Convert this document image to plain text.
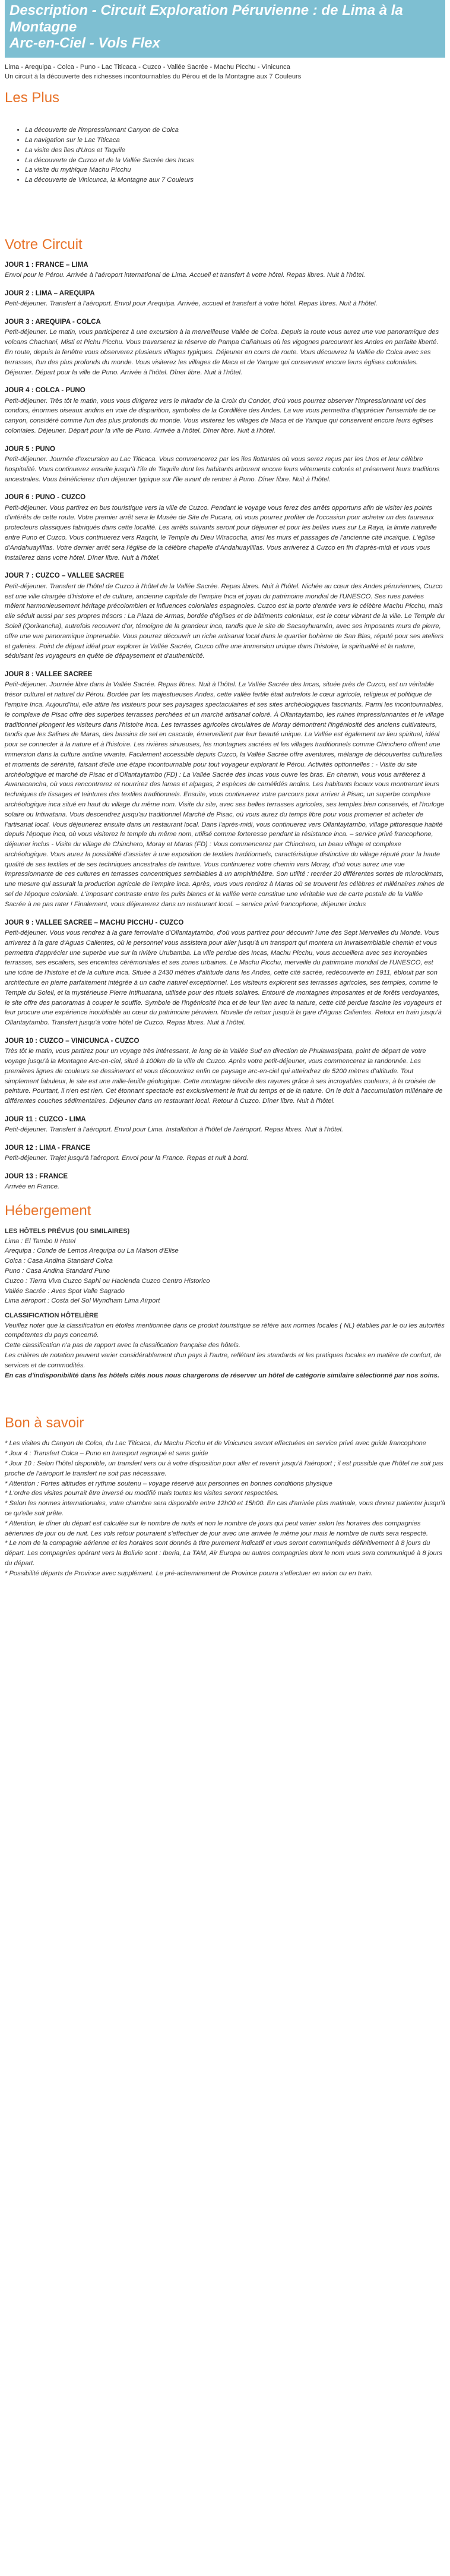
Description - Circuit Exploration Péruvienne : de Lima à la Montagne
Arc-en-Ciel - Vols Flex

Lima - Arequipa - Colca - Puno - Lac Titicaca - Cuzco - Vallée Sacrée - Machu Picchu - Vinicunca

Un circuit à la découverte des richesses incontournables du Pérou et de la Montagne aux 7 Couleurs

Les Plus
• La découverte de l'impressionnant Canyon de Colca
• La navigation sur le Lac Titicaca
• La visite des îles d'Uros et Taquile
• La découverte de Cuzco et de la Vallée Sacrée des Incas
• La visite du mythique Machu Picchu
• La découverte de Vinicunca, la Montagne aux 7 Couleurs
Votre Circuit
JOUR 1 : FRANCE – LIMA

Envol pour le Pérou. Arrivée à l'aéroport international de Lima. Accueil et transfert à votre hôtel. Repas libres. Nuit à l'hôtel.

JOUR 2 : LIMA – AREQUIPA

Petit-déjeuner. Transfert à l'aéroport. Envol pour Arequipa. Arrivée, accueil et transfert à votre hôtel. Repas libres. Nuit à l'hôtel.

JOUR 3 : AREQUIPA - COLCA

Petit-déjeuner. Le matin, vous participerez à une excursion à la merveilleuse Vallée de Colca. Depuis la route vous aurez une vue panoramique des volcans Chachani, Misti et Pichu Picchu. Vous traverserez la réserve de Pampa Cañahuas où les vigognes parcourent les Andes en parfaite liberté. En route, depuis la fenêtre vous observerez plusieurs villages typiques. Déjeuner en cours de route. Vous découvrez la Vallée de Colca avec ses terrasses, l'un des plus profonds du monde. Vous visiterez les villages de Maca et de Yanque qui conservent encore leurs églises coloniales. Déjeuner. Départ pour la ville de Puno. Arrivée à l'hôtel. Dîner libre. Nuit à l'hôtel.

JOUR 4 : COLCA - PUNO

Petit-déjeuner. Très tôt le matin, vous vous dirigerez vers le mirador de la Croix du Condor, d'où vous pourrez observer l'impressionnant vol des condors, énormes oiseaux andins en voie de disparition, symboles de la Cordillère des Andes. La vue vous permettra d'apprécier l'ensemble de ce canyon, considéré comme l'un des plus profonds du monde. Vous visiterez les villages de Maca et de Yanque qui conservent encore leurs églises coloniales. Déjeuner. Départ pour la ville de Puno. Arrivée à l'hôtel. Dîner libre. Nuit à l'hôtel.

JOUR 5 : PUNO

Petit-déjeuner. Journée d'excursion au Lac Titicaca. Vous commencerez par les îles flottantes où vous serez reçus par les Uros et leur célèbre hospitalité. Vous continuerez ensuite jusqu'à l'île de Taquile dont les habitants arborent encore leurs vêtements colorés et préservent leurs traditions ancestrales. Vous bénéficierez d'un déjeuner typique sur l'île avant de rentrer à Puno. Dîner libre. Nuit à l'hôtel.

JOUR 6 : PUNO - CUZCO

Petit-déjeuner. Vous partirez en bus touristique vers la ville de Cuzco. Pendant le voyage vous ferez des arrêts opportuns afin de visiter les points d'intérêts de cette route. Votre premier arrêt sera le Musée de Site de Pucara, où vous pourrez profiter de l'occasion pour acheter un des taureaux protecteurs classiques fabriqués dans cette localité. Les arrêts suivants seront pour déjeuner et pour les belles vues sur La Raya, la limite naturelle entre Puno et Cuzco. Vous continuerez vers Raqchi, le Temple du Dieu Wiracocha, ainsi les murs et passages de l'ancienne cité incaïque. L'église d'Andahuaylillas. Votre dernier arrêt sera l'église de la célèbre chapelle d'Andahuaylillas. Vous arriverez à Cuzco en fin d'après-midi et vous vous installerez dans votre hôtel. Dîner libre. Nuit à l'hôtel.

JOUR 7 : CUZCO – VALLEE SACREE

Petit-déjeuner. Transfert de l'hôtel de Cuzco à l'hôtel de la Vallée Sacrée. Repas libres. Nuit à l'hôtel. Nichée au cœur des Andes péruviennes, Cuzco est une ville chargée d'histoire et de culture, ancienne capitale de l'empire Inca et joyau du patrimoine mondial de l'UNESCO. Ses rues pavées mêlent harmonieusement héritage précolombien et influences coloniales espagnoles. Cuzco est la porte d'entrée vers le célèbre Machu Picchu, mais elle séduit aussi par ses propres trésors : La Plaza de Armas, bordée d'églises et de bâtiments coloniaux, est le cœur vibrant de la ville. Le Temple du Soleil (Qorikancha), autrefois recouvert d'or, témoigne de la grandeur inca, tandis que le site de Sacsayhuamán, avec ses imposants murs de pierre, offre une vue panoramique imprenable. Vous pourrez découvrir un riche artisanat local dans le quartier bohème de San Blas, réputé pour ses ateliers et galeries. Point de départ idéal pour explorer la Vallée Sacrée, Cuzco offre une immersion unique dans l'histoire, la spiritualité et la nature, séduisant les voyageurs en quête de dépaysement et d'authenticité.

JOUR 8 : VALLEE SACREE

Petit-déjeuner. Journée libre dans la Vallée Sacrée. Repas libres. Nuit à l'hôtel. La Vallée Sacrée des Incas, située près de Cuzco, est un véritable trésor culturel et naturel du Pérou. Bordée par les majestueuses Andes, cette vallée fertile était autrefois le cœur agricole, religieux et politique de l'empire Inca. Aujourd'hui, elle attire les visiteurs pour ses paysages spectaculaires et ses sites archéologiques fascinants. Parmi les incontournables, le complexe de Pisac offre des superbes terrasses perchées et un marché artisanal coloré. À Ollantaytambo, les ruines impressionnantes et le village traditionnel plongent les visiteurs dans l'histoire inca. Les terrasses agricoles circulaires de Moray démontrent l'ingéniosité des anciens cultivateurs, tandis que les Salines de Maras, des bassins de sel en cascade, émerveillent par leur beauté unique. La Vallée est également un lieu spirituel, idéal pour se connecter à la nature et à l'histoire. Les rivières sinueuses, les montagnes sacrées et les villages traditionnels comme Chinchero offrent une immersion dans la culture andine vivante. Facilement accessible depuis Cuzco, la Vallée Sacrée offre aventures, mélange de découvertes culturelles et moments de sérénité, faisant d'elle une étape incontournable pour tout voyageur explorant le Pérou. Activités optionnelles : - Visite du site archéologique et marché de Pisac et d'Ollantaytambo (FD) : La Vallée Sacrée des Incas vous ouvre les bras. En chemin, vous vous arrêterez à Awanacancha, où vous rencontrerez et nourrirez des lamas et alpagas, 2 espèces de camélidés andins. Les habitants locaux vous montreront leurs techniques de tissages et teintures des textiles traditionnels. Ensuite, vous continuerez votre parcours pour arriver à Pisac, un superbe complexe archéologique inca situé en haut du village du même nom. Visite du site, avec ses belles terrasses agricoles, ses temples bien conservés, et l'horloge solaire ou Intiwatana. Vous descendrez jusqu'au traditionnel Marché de Pisac, où vous aurez du temps libre pour vous promener et acheter de l'artisanat local. Vous déjeunerez ensuite dans un restaurant local. Dans l'après-midi, vous continuerez vers Ollantaytambo, village pittoresque habité depuis l'époque inca, où vous visiterez le temple du même nom, utilisé comme forteresse pendant la résistance inca. – service privé francophone, déjeuner inclus - Visite du village de Chinchero, Moray et Maras (FD) : Vous commencerez par Chinchero, un beau village et complexe archéologique. Vous aurez la possibilité d'assister à une exposition de textiles traditionnels, caractéristique distinctive du village réputé pour la haute qualité de ses textiles et de ses techniques ancestrales de teinture. Vous continuerez votre chemin vers Moray, d'où vous aurez une vue impressionnante de ces cultures en terrasses concentriques semblables à un amphithéâtre. Son utilité : recréer 20 différentes sortes de microclimats, une mesure qui assurait la production agricole de l'empire inca. Après, vous vous rendrez à Maras où se trouvent les célèbres et millénaires mines de sel de l'époque coloniale. L'imposant contraste entre les puits blancs et la vallée verte constitue une véritable vue de carte postale de la Vallée Sacrée à ne pas rater ! Finalement, vous déjeunerez dans un restaurant local. – service privé francophone, déjeuner inclus

JOUR 9 : VALLEE SACREE – MACHU PICCHU - CUZCO

Petit-déjeuner. Vous vous rendrez à la gare ferroviaire d'Ollantaytambo, d'où vous partirez pour découvrir l'une des Sept Merveilles du Monde. Vous arriverez à la gare d'Aguas Calientes, où le personnel vous assistera pour aller jusqu'à un transport qui montera un invraisemblable chemin et vous permettra d'apprécier une superbe vue sur la rivière Urubamba. La ville perdue des Incas, Machu Picchu, vous accueillera avec ses incroyables terrasses, ses escaliers, ses enceintes cérémoniales et ses zones urbaines. Le Machu Picchu, merveille du patrimoine mondial de l'UNESCO, est une icône de l'histoire et de la culture inca. Située à 2430 mètres d'altitude dans les Andes, cette cité sacrée, redécouverte en 1911, éblouit par son architecture en pierre parfaitement intégrée à un cadre naturel exceptionnel. Les visiteurs explorent ses terrasses agricoles, ses temples, comme le Temple du Soleil, et la mystérieuse Pierre Intihuatana, utilisée pour des rituels solaires. Entouré de montagnes imposantes et de forêts verdoyantes, le site offre des panoramas à couper le souffle. Symbole de l'ingéniosité inca et de leur lien avec la nature, cette cité perdue fascine les voyageurs et leur procure une expérience inoubliable au cœur du patrimoine péruvien. Novelle de retour jusqu'à la gare d'Aguas Calientes. Retour en train jusqu'à Ollantaytambo. Transfert jusqu'à votre hôtel de Cuzco. Repas libres. Nuit à l'hôtel.

JOUR 10 : CUZCO – VINICUNCA - CUZCO

Très tôt le matin, vous partirez pour un voyage très intéressant, le long de la Vallée Sud en direction de Phulawasipata, point de départ de votre voyage jusqu'à la Montagne Arc-en-ciel, situé à 100km de la ville de Cuzco. Après votre petit-déjeuner, vous commencerez la randonnée. Les premières lignes de couleurs se dessineront et vous découvrirez enfin ce paysage arc-en-ciel qui atteindrez de 5200 mètres d'altitude. Tout simplement fabuleux, le site est une mille-feuille géologique. Cette montagne dévoile des rayures grâce à ses incroyables couleurs, à la croisée de peinture. Pourtant, il n'en est rien. Cet étonnant spectacle est exclusivement le fruit du temps et de la nature. On le doit à l'accumulation millénaire de différentes couches sédimentaires. Déjeuner dans un restaurant local. Retour à Cuzco. Dîner libre. Nuit à l'hôtel.

JOUR 11 : CUZCO - LIMA

Petit-déjeuner. Transfert à l'aéroport. Envol pour Lima. Installation à l'hôtel de l'aéroport. Repas libres. Nuit à l'hôtel.

JOUR 12 : LIMA - FRANCE

Petit-déjeuner. Trajet jusqu'à l'aéroport. Envol pour la France. Repas et nuit à bord.

JOUR 13 : FRANCE

Arrivée en France.

Hébergement
LES HÔTELS PRÉVUS (OU SIMILAIRES)

Lima : El Tambo II Hotel

Arequipa : Conde de Lemos Arequipa ou La Maison d'Elise

Colca : Casa Andina Standard Colca

Puno : Casa Andina Standard Puno

Cuzco : Tierra Viva Cuzco Saphi ou Hacienda Cuzco Centro Historico

Vallée Sacrée : Aves Spot Valle Sagrado

Lima aéroport : Costa del Sol Wyndham Lima Airport

CLASSIFICATION HÔTELIÈRE

Veuillez noter que la classification en étoiles mentionnée dans ce produit touristique se réfère aux normes locales ( NL) établies par le ou les autorités compétentes du pays concerné.

Cette classification n'a pas de rapport avec la classification française des hôtels.

Les critères de notation peuvent varier considérablement d'un pays à l'autre, reflétant les standards et les pratiques locales en matière de confort, de services et de commodités.

En cas d'indisponibilité dans les hôtels cités nous nous chargerons de réserver un hôtel de catégorie similaire sélectionné par nos soins.

Bon à savoir

* Les visites du Canyon de Colca, du Lac Titicaca, du Machu Picchu et de Vinicunca seront effectuées en service privé avec guide francophone

* Jour 4 : Transfert Colca – Puno en transport regroupé et sans guide

* Jour 10 : Selon l'hôtel disponible, un transfert vers ou à votre disposition pour aller et revenir jusqu'à l'aéroport ; il est possible que l'hôtel ne soit pas proche de l'aéroport le transfert ne soit pas nécessaire.

* Attention : Fortes altitudes et rythme soutenu – voyage réservé aux personnes en bonnes conditions physique

* L'ordre des visites pourrait être inversé ou modifié mais toutes les visites seront respectées.

* Selon les normes internationales, votre chambre sera disponible entre 12h00 et 15h00. En cas d'arrivée plus matinale, vous devrez patienter jusqu'à ce qu'elle soit prête.

* Attention, le dîner du départ est calculée sur le nombre de nuits et non le nombre de jours qui peut varier selon les horaires des compagnies aériennes de jour ou de nuit. Les vols retour pourraient s'effectuer de jour avec une arrivée le même jour mais le nombre de nuits sera respecté.

* Le nom de la compagnie aérienne et les horaires sont donnés à titre purement indicatif et vous seront communiqués définitivement à 8 jours du départ. Les compagnies opérant vers la Bolivie sont : Iberia, La TAM, Air Europa ou autres compagnies dont le nom vous sera communiqué à 8 jours du départ.

* Possibilité départs de Province avec supplément. Le pré-acheminement de Province pourra s'effectuer en avion ou en train.
